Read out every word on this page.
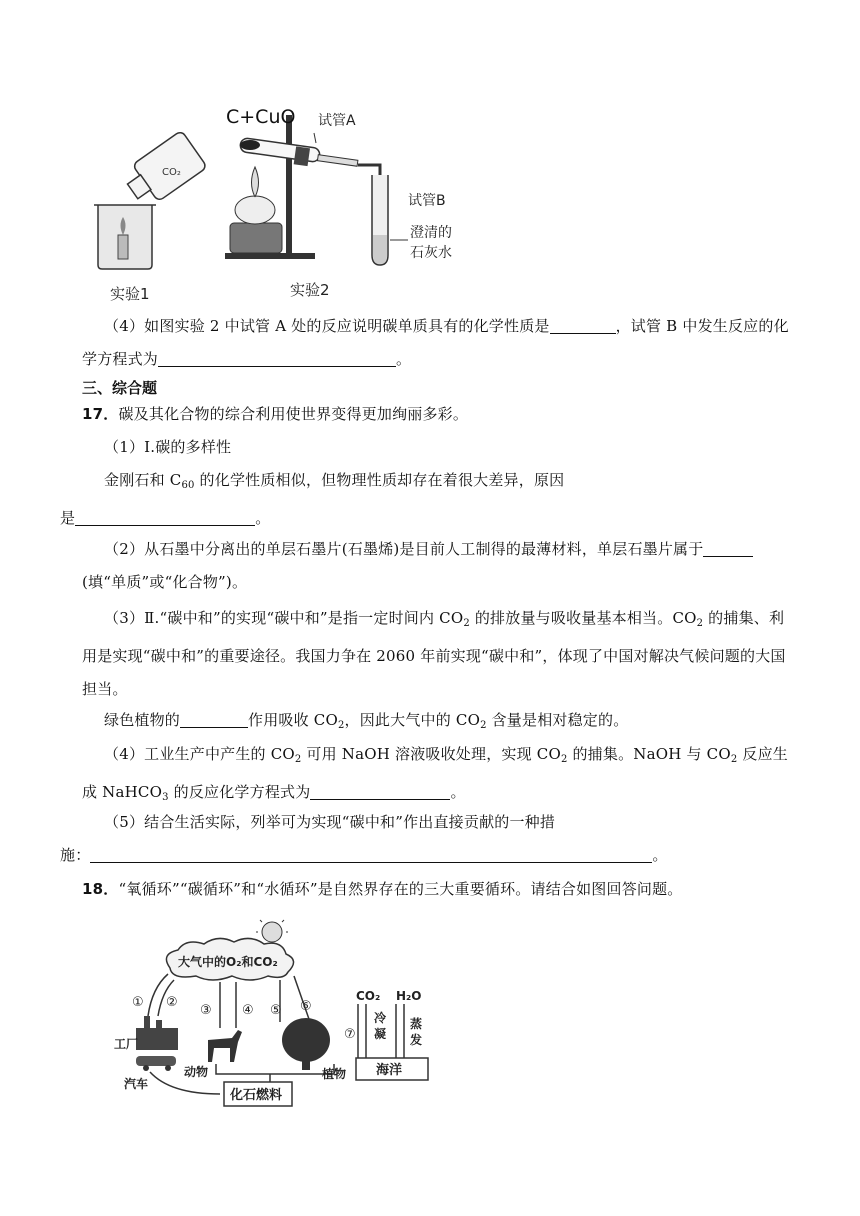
CO₂
实验1
C+CuO 试管A
试管B
澄清的
石灰水
实验2
（4）如图实验 2 中试管 A 处的反应说明碳单质具有的化学性质是	，试管 B 中发生反应的化学方程式为	。
三、综合题
17．碳及其化合物的综合利用使世界变得更加绚丽多彩。
（1）Ⅰ.碳的多样性
金刚石和 $C_{60}$ 的化学性质相似，但物理性质却存在着很大差异，原因
是	。
（2）从石墨中分离出的单层石墨片(石墨烯)是目前人工制得的最薄材料，单层石墨片属于(填“单质”或“化合物”)。
（3）Ⅱ.“碳中和”的实现“碳中和”是指一定时间内 $CO_2$ 的排放量与吸收量基本相当。$CO_2$ 的捕集、利用是实现“碳中和”的重要途径。我国力争在 2060 年前实现“碳中和”，体现了中国对解决气候问题的大国担当。
绿色植物的	作用吸收 $CO_2$，因此大气中的 $CO_2$ 含量是相对稳定的。
（4）工业生产中产生的 $CO_2$ 可用 NaOH 溶液吸收处理，实现 $CO_2$ 的捕集。NaOH 与 $CO_2$ 反应生成 NaHCO$_3$ 的反应化学方程式为	。
（5）结合生活实际，列举可为实现“碳中和”作出直接贡献的一种措
施：	。
18．“氧循环”“碳循环”和“水循环”是自然界存在的三大重要循环。请结合如图回答问题。
大气中的O₂和CO₂
① ②
③ ④ ⑤ ⑥
⑦
工厂
汽车
动物	植物
化石燃料
海洋
CO₂ H₂O
冷
凝
蒸
发
